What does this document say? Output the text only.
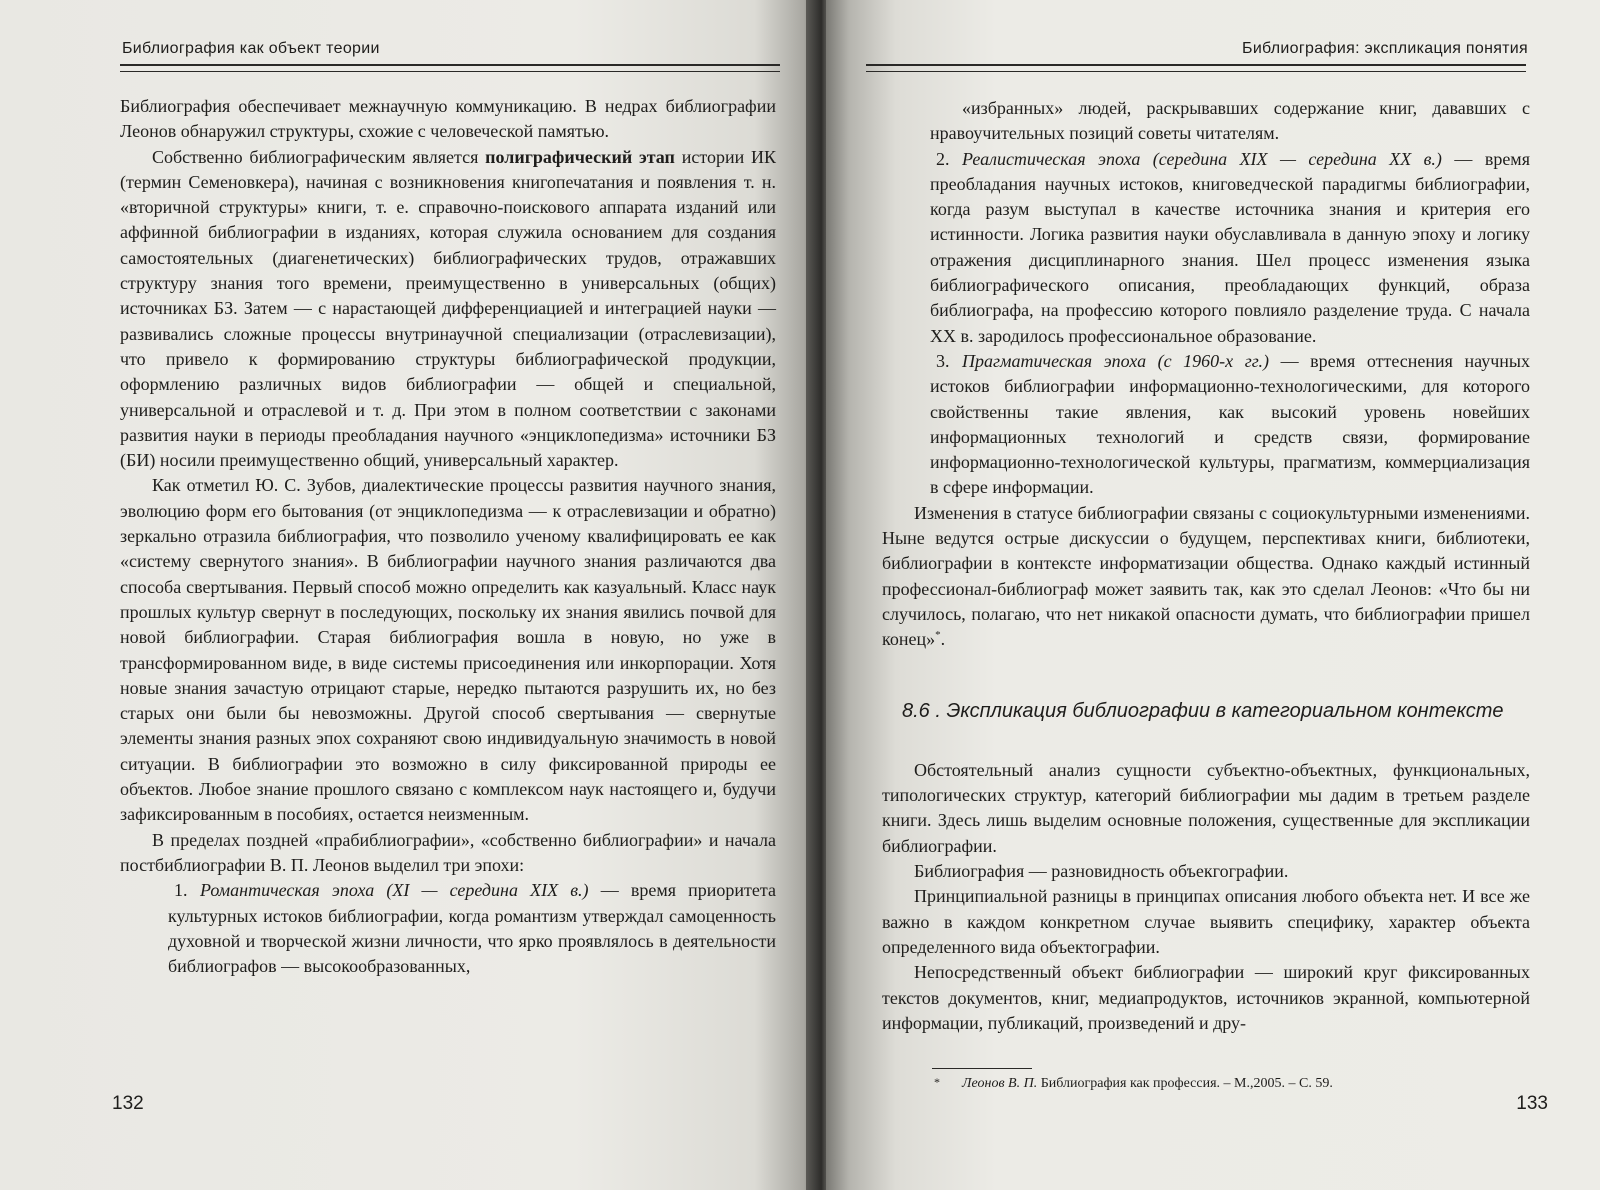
Библиография как объект теории

Библиография обеспечивает межнаучную коммуникацию. В недрах библиографии Леонов обнаружил структуры, схожие с человеческой памятью.

Собственно библиографическим является полиграфический этап истории ИК (термин Семеновкера), начиная с возникновения книгопечатания и появления т. н. «вторичной структуры» книги, т. е. справочно-поискового аппарата изданий или аффинной библиографии в изданиях, которая служила основанием для создания самостоятельных (диагенетических) библиографических трудов, отражавших структуру знания того времени, преимущественно в универсальных (общих) источниках БЗ. Затем — с нарастающей дифференциацией и интеграцией науки — развивались сложные процессы внутринаучной специализации (отраслевизации), что привело к формированию структуры библиографической продукции, оформлению различных видов библиографии — общей и специальной, универсальной и отраслевой и т. д. При этом в полном соответствии с законами развития науки в периоды преобладания научного «энциклопедизма» источники БЗ (БИ) носили преимущественно общий, универсальный характер.

Как отметил Ю. С. Зубов, диалектические процессы развития научного знания, эволюцию форм его бытования (от энциклопедизма — к отраслевизации и обратно) зеркально отразила библиография, что позволило ученому квалифицировать ее как «систему свернутого знания». В библиографии научного знания различаются два способа свертывания. Первый способ можно определить как казуальный. Класс наук прошлых культур свернут в последующих, поскольку их знания явились почвой для новой библиографии. Старая библиография вошла в новую, но уже в трансформированном виде, в виде системы присоединения или инкорпорации. Хотя новые знания зачастую отрицают старые, нередко пытаются разрушить их, но без старых они были бы невозможны. Другой способ свертывания — свернутые элементы знания разных эпох сохраняют свою индивидуальную значимость в новой ситуации. В библиографии это возможно в силу фиксированной природы ее объектов. Любое знание прошлого связано с комплексом наук настоящего и, будучи зафиксированным в пособиях, остается неизменным.

В пределах поздней «прабиблиографии», «собственно библиографии» и начала постбиблиографии В. П. Леонов выделил три эпохи:

1. Романтическая эпоха (XI — середина XIX в.) — время приоритета культурных истоков библиографии, когда романтизм утверждал самоценность духовной и творческой жизни личности, что ярко проявлялось в деятельности библиографов — высокообразованных,

132
Библиография: экспликация понятия

«избранных» людей, раскрывавших содержание книг, дававших с нравоучительных позиций советы читателям.

2. Реалистическая эпоха (середина XIX — середина XX в.) — время преобладания научных истоков, книговедческой парадигмы библиографии, когда разум выступал в качестве источника знания и критерия его истинности. Логика развития науки обуславливала в данную эпоху и логику отражения дисциплинарного знания. Шел процесс изменения языка библиографического описания, преобладающих функций, образа библиографа, на профессию которого повлияло разделение труда. С начала XX в. зародилось профессиональное образование.

3. Прагматическая эпоха (с 1960-х гг.) — время оттеснения научных истоков библиографии информационно-технологическими, для которого свойственны такие явления, как высокий уровень новейших информационных технологий и средств связи, формирование информационно-технологической культуры, прагматизм, коммерциализация в сфере информации.

Изменения в статусе библиографии связаны с социокультурными изменениями. Ныне ведутся острые дискуссии о будущем, перспективах книги, библиотеки, библиографии в контексте информатизации общества. Однако каждый истинный профессионал-библиограф может заявить так, как это сделал Леонов: «Что бы ни случилось, полагаю, что нет никакой опасности думать, что библиографии пришел конец»*.

8.6 . Экспликация библиографии в категориальном контексте

Обстоятельный анализ сущности субъектно-объектных, функциональных, типологических структур, категорий библиографии мы дадим в третьем разделе книги. Здесь лишь выделим основные положения, существенные для экспликации библиографии.

Библиография — разновидность объекгографии.

Принципиальной разницы в принципах описания любого объекта нет. И все же важно в каждом конкретном случае выявить специфику, характер объекта определенного вида объектографии.

Непосредственный объект библиографии — широкий круг фиксированных текстов документов, книг, медиапродуктов, источников экранной, компьютерной информации, публикаций, произведений и дру-

*	Леонов В. П. Библиография как профессия. – М.,2005. – С. 59.
133
